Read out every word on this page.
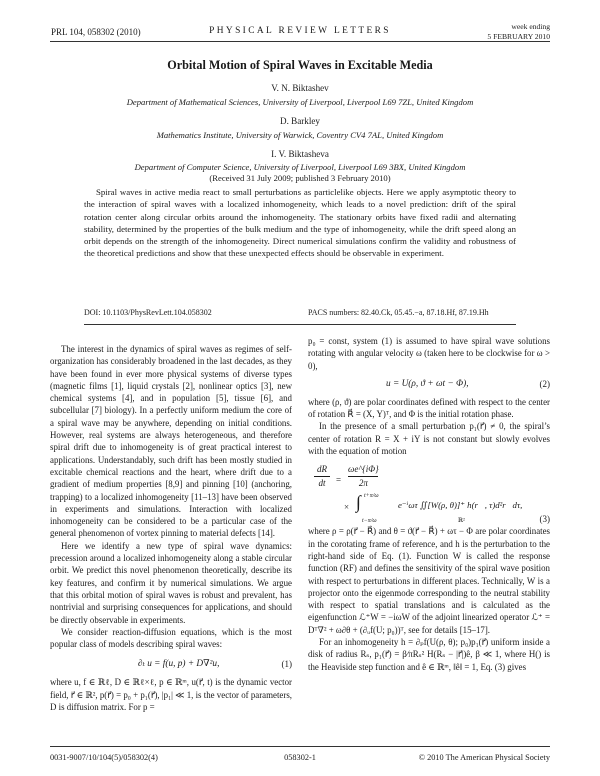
PRL 104, 058302 (2010)	PHYSICAL REVIEW LETTERS	week ending
5 FEBRUARY 2010
Orbital Motion of Spiral Waves in Excitable Media
V. N. Biktashev
Department of Mathematical Sciences, University of Liverpool, Liverpool L69 7ZL, United Kingdom
D. Barkley
Mathematics Institute, University of Warwick, Coventry CV4 7AL, United Kingdom
I. V. Biktasheva
Department of Computer Science, University of Liverpool, Liverpool L69 3BX, United Kingdom
(Received 31 July 2009; published 3 February 2010)

Spiral waves in active media react to small perturbations as particlelike objects. Here we apply asymptotic theory to the interaction of spiral waves with a localized inhomogeneity, which leads to a novel prediction: drift of the spiral rotation center along circular orbits around the inhomogeneity. The stationary orbits have fixed radii and alternating stability, determined by the properties of the bulk medium and the type of inhomogeneity, while the drift speed along an orbit depends on the strength of the inhomogeneity. Direct numerical simulations confirm the validity and robustness of the theoretical predictions and show that these unexpected effects should be observable in experiment.

DOI: 10.1103/PhysRevLett.104.058302	PACS numbers: 82.40.Ck, 05.45.−a, 87.18.Hf, 87.19.Hh

The interest in the dynamics of spiral waves as regimes of self-organization has considerably broadened in the last decades, as they have been found in ever more physical systems of diverse types (magnetic films [1], liquid crystals [2], nonlinear optics [3], new chemical systems [4], and in population [5], tissue [6], and subcellular [7] biology). In a perfectly uniform medium the core of a spiral wave may be anywhere, depending on initial conditions. However, real systems are always heterogeneous, and therefore spiral drift due to inhomogeneity is of great practical interest to applications. Understandably, such drift has been mostly studied in excitable chemical reactions and the heart, where drift due to a gradient of medium properties [8,9] and pinning [10] (anchoring, trapping) to a localized inhomogeneity [11–13] have been observed in experiments and simulations. Interaction with localized inhomogeneity can be considered to be a particular case of the general phenomenon of vortex pinning to material defects [14].

Here we identify a new type of spiral wave dynamics: precession around a localized inhomogeneity along a stable circular orbit. We predict this novel phenomenon theoretically, describe its key features, and confirm it by numerical simulations. We argue that this orbital motion of spiral waves is robust and prevalent, has nontrivial and surprising consequences for applications, and should be directly observable in experiments.

We consider reaction-diffusion equations, which is the most popular class of models describing spiral waves:

∂ₜ u = f(u, p) + D∇²u,	(1)

where u, f ∈ ℝℓ, D ∈ ℝℓ×ℓ, p ∈ ℝᵐ, u(r⃗, t) is the dynamic vector field, r⃗ ∈ ℝ², p(r⃗) = p₀ + p₁(r⃗), |p₁| ≪ 1, is the vector of parameters, D is diffusion matrix. For p =

p₀ = const, system (1) is assumed to have spiral wave solutions rotating with angular velocity ω (taken here to be clockwise for ω > 0),

u = U(ρ, ϑ + ωt − Φ),	(2)

where (ρ, ϑ) are polar coordinates defined with respect to the center of rotation R⃗ = (X, Y)ᵀ, and Φ is the initial rotation phase.

In the presence of a small perturbation p₁(r⃗) ≠ 0, the spiral’s center of rotation R = X + iY is not constant but slowly evolves with the equation of motion

dR
dt	=
ωe^{iΦ}
2π
× ∫ t+π/ω
t−π/ω
e⁻ⁱωτ ∬[W(ρ, θ)]⁺ h(r⃗, τ)d²r⃗dτ,
ℝ²	(3)

where ρ = ρ(r⃗ − R⃗) and θ = ϑ(r⃗ − R⃗) + ωτ − Φ are polar coordinates in the corotating frame of reference, and h is the perturbation to the right-hand side of Eq. (1). Function W is called the response function (RF) and defines the sensitivity of the spiral wave position with respect to perturbations in different places. Technically, W is a projector onto the eigenmode corresponding to the neutral stability with respect to spatial translations and is calculated as the eigenfunction ℒ⁺W = −iωW of the adjoint linearized operator ℒ⁺ = Dᵀ∇² + ω∂θ + (∂ᵤf(U; p₀))ᵀ, see for details [15–17].

For an inhomogeneity h = ∂ₚf(U(ρ, θ); p₀)p₁(r⃗) uniform inside a disk of radius Rₛ, p₁(r⃗) = β⁄πRₛ² H(Rₛ − |r⃗|)ê, β ≪ 1, where H() is the Heaviside step function and ê ∈ ℝᵐ, ‖ê‖ = 1, Eq. (3) gives

0031-9007/10/104(5)/058302(4)	058302-1	© 2010 The American Physical Society
